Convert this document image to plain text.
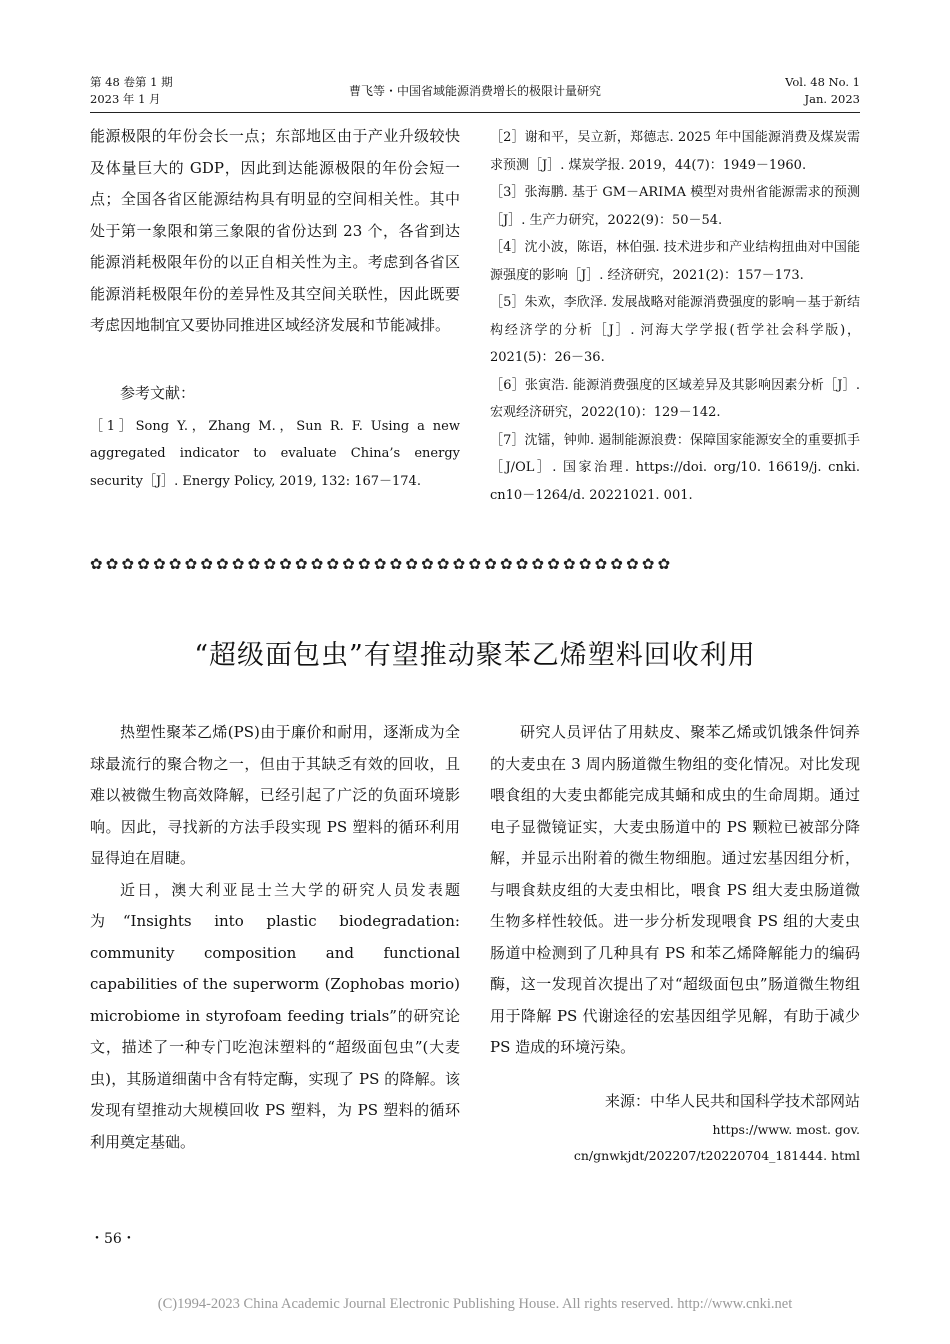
第 48 卷第 1 期
2023 年 1 月
曹飞等・中国省域能源消费增长的极限计量研究
Vol. 48 No. 1
Jan. 2023

能源极限的年份会长一点；东部地区由于产业升级较快及体量巨大的 GDP，因此到达能源极限的年份会短一点；全国各省区能源结构具有明显的空间相关性。其中处于第一象限和第三象限的省份达到 23 个，各省到达能源消耗极限年份的以正自相关性为主。考虑到各省区能源消耗极限年份的差异性及其空间关联性，因此既要考虑因地制宜又要协同推进区域经济发展和节能减排。

参考文献：

［1］Song Y.，Zhang M.，Sun R. F. Using a new aggregated indicator to evaluate China’s energy security［J］. Energy Policy, 2019, 132: 167－174.

［2］谢和平，吴立新，郑德志. 2025 年中国能源消费及煤炭需求预测［J］. 煤炭学报. 2019，44(7)：1949－1960.

［3］张海鹏. 基于 GM－ARIMA 模型对贵州省能源需求的预测［J］. 生产力研究，2022(9)：50－54.

［4］沈小波，陈语，林伯强. 技术进步和产业结构扭曲对中国能源强度的影响［J］. 经济研究，2021(2)：157－173.

［5］朱欢，李欣泽. 发展战略对能源消费强度的影响－基于新结构经济学的分析［J］. 河海大学学报(哲学社会科学版)，2021(5)：26－36.

［6］张寅浩. 能源消费强度的区域差异及其影响因素分析［J］. 宏观经济研究，2022(10)：129－142.

［7］沈镭，钟帅. 遏制能源浪费：保障国家能源安全的重要抓手［J/OL］. 国家治理. https://doi. org/10. 16619/j. cnki. cn10－1264/d. 20221021. 001.

✿✿✿✿✿✿✿✿✿✿✿✿✿✿✿✿✿✿✿✿✿✿✿✿✿✿✿✿✿✿✿✿✿✿✿✿✿
“超级面包虫”有望推动聚苯乙烯塑料回收利用

热塑性聚苯乙烯(PS)由于廉价和耐用，逐渐成为全球最流行的聚合物之一，但由于其缺乏有效的回收，且难以被微生物高效降解，已经引起了广泛的负面环境影响。因此，寻找新的方法手段实现 PS 塑料的循环利用显得迫在眉睫。

近日，澳大利亚昆士兰大学的研究人员发表题为“Insights into plastic biodegradation: community composition and functional capabilities of the superworm (Zophobas morio) microbiome in styrofoam feeding trials”的研究论文，描述了一种专门吃泡沫塑料的“超级面包虫”(大麦虫)，其肠道细菌中含有特定酶，实现了 PS 的降解。该发现有望推动大规模回收 PS 塑料，为 PS 塑料的循环利用奠定基础。

研究人员评估了用麸皮、聚苯乙烯或饥饿条件饲养的大麦虫在 3 周内肠道微生物组的变化情况。对比发现喂食组的大麦虫都能完成其蛹和成虫的生命周期。通过电子显微镜证实，大麦虫肠道中的 PS 颗粒已被部分降解，并显示出附着的微生物细胞。通过宏基因组分析，与喂食麸皮组的大麦虫相比，喂食 PS 组大麦虫肠道微生物多样性较低。进一步分析发现喂食 PS 组的大麦虫肠道中检测到了几种具有 PS 和苯乙烯降解能力的编码酶，这一发现首次提出了对“超级面包虫”肠道微生物组用于降解 PS 代谢途径的宏基因组学见解，有助于减少 PS 造成的环境污染。

来源：中华人民共和国科学技术部网站

https://www. most. gov. cn/gnwkjdt/202207/t20220704_181444. html

・56・
(C)1994-2023 China Academic Journal Electronic Publishing House. All rights reserved. http://www.cnki.net
